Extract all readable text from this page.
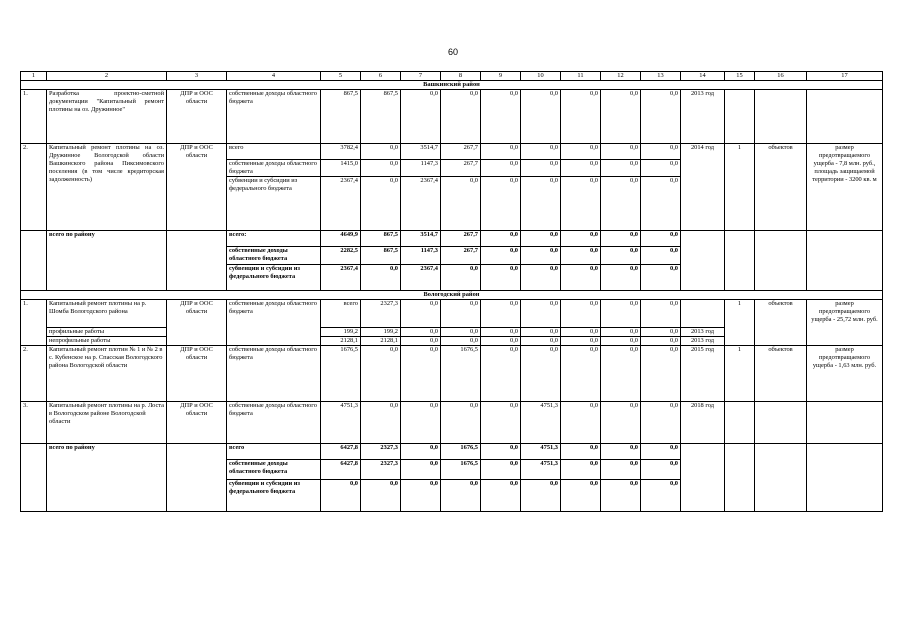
60
1	2	3	4	5	6	7	8	9	10	11	12	13	14	15	16	17
Вашкинский район																
1.	Разработка проектно-сметной документации "Капитальный ремонт плотины на оз. Дружинное"	ДПР и ООС области	собственные доходы областного бюджета	867,5	867,5	0,0	0,0	0,0	0,0	0,0	0,0	0,0	2013 год			
2.	Капитальный ремонт плотины на оз. Дружинное Вологодской области Вашкинского района Пиксимовского поселения (в том числе кредиторская задолженность)	ДПР и ООС области	всего	3782,4	0,0	3514,7	267,7	0,0	0,0	0,0	0,0	0,0	2014 год	1	объектов	размер предотвращаемого ущерба - 7,8 млн. руб., площадь защищаемой территории - 3200 кв. м
			собственные доходы областного бюджета	1415,0	0,0	1147,3	267,7	0,0	0,0	0,0	0,0	0,0				
			субвенции и субсидии из федерального бюджета	2367,4	0,0	2367,4	0,0	0,0	0,0	0,0	0,0	0,0				
	всего по району		всего:	4649,9	867,5	3514,7	267,7	0,0	0,0	0,0	0,0	0,0				
			собственные доходы областного бюджета	2282,5	867,5	1147,3	267,7	0,0	0,0	0,0	0,0	0,0				
			субвенции и субсидии из федерального бюджета	2367,4	0,0	2367,4	0,0	0,0	0,0	0,0	0,0	0,0				
Вологодский район																
1.	Капитальный ремонт плотины на р. Шомба Вологодского района	ДПР и ООС области	собственные доходы областного бюджета	всего	2327,3	0,0	0,0	0,0	0,0	0,0	0,0	0,0		1	объектов	размер предотвращаемого ущерба - 25,72 млн. руб.
	профильные работы			199,2	199,2	0,0	0,0	0,0	0,0	0,0	0,0	0,0	2013 год			
	непрофильные работы			2128,1	2128,1	0,0	0,0	0,0	0,0	0,0	0,0	0,0	2013 год			
2.	Капитальный ремонт плотин № 1 и № 2 в с. Кубенское на р. Спасская Вологодского района Вологодской области	ДПР и ООС области	собственные доходы областного бюджета	1676,5	0,0	0,0	1676,5	0,0	0,0	0,0	0,0	0,0	2015 год	1	объектов	размер предотвращаемого ущерба - 1,63 млн. руб.
3.	Капитальный ремонт плотины на р. Лоста в Вологодском районе Вологодской области	ДПР и ООС области	собственные доходы областного бюджета	4751,3	0,0	0,0	0,0	0,0	4751,3	0,0	0,0	0,0	2018 год			
	всего по району		всего	6427,8	2327,3	0,0	1676,5	0,0	4751,3	0,0	0,0	0,0				
			собственные доходы областного бюджета	6427,8	2327,3	0,0	1676,5	0,0	4751,3	0,0	0,0	0,0				
			субвенции и субсидии из федерального бюджета	0,0	0,0	0,0	0,0	0,0	0,0	0,0	0,0	0,0				
